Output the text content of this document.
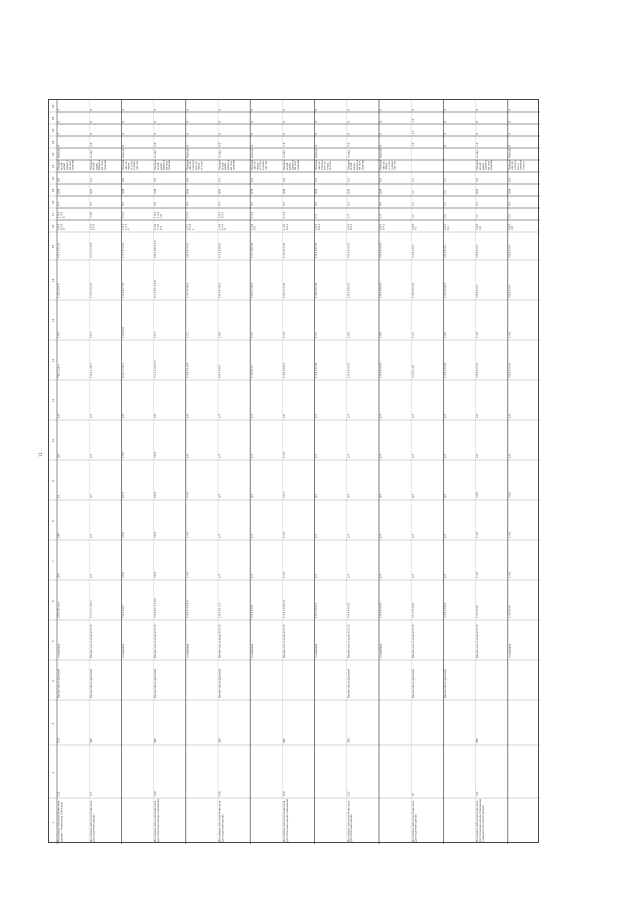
11
26
25
24
23
22
21
20
19
18
17
16
15
14
13
12
11
10
9
8
7
6
5
4
3
2
1 Маткимова Сейткали Ахметовна (далее — Ахметовна Сейткали)
111
ТОО
Бизнес-Центр Деловой
склад/офис
5250 29 кв.м
356
246
54
5/6
1/6
746 1 2/6 о
5 0 6
1 4 0 12 0 6
4 0 2 4 0 1 8
4 0 4 8 3 6 9
5 0 4 1 4 0 3
0 4
0,90
3/6
Юридич еский адрес Дирекц ии пом ещение
Аренда
0
0
0
0
Маткимова Сейткали Ахметовна Долгосрочная аренда
5/7
308
Бизнес-Центр Деловой
Бизнес-центр вход 45 0 11
2 1 5 1 5 4 0 2
1/4
1/4
4/7
1/4
1/4
1 2 6 4 4 0 7
5 0 1
1 7 2 7 0 4 4
4 1 2 1 5 0 0
1 5 5 0 1 9
3 4 0
0 3
0,63
1/4
Юридич еский адрес Дирекц ии пом ещение
Склад
4 0
0
0
0
склад/офис
7 0 3 4 0 3
3 6 8
3 6 8
8 5 2
1 8 8
1/6
8 4 0 3 4 8 1
1 1 9 6 8
1 6 4 8 7 4 0
1 7 3 8 4 4 0
1 0 1 1 6 7 4
2 3 4
0 4
0,80
4/6
Помеще ние на перво м этаж е адми нистра
Аренда
0
0
0
0
Маткимова Сейткали Ахметовна Долгосрочная аренда помещения
120
308
Бизнес-Центр Деловой
Бизнес-центр вход 45 0 11
3 0 8 8 5 3 4 0 2
3 0 8
3 0 8
8 0 8
3 0 8
1/8
7 4 4 4 4 2 0 2
1 0 1
8 1 4 0 5 4 8 0
6 0 4 0 8 4 4 8
6 4 0 2 4 8 0 4
1 8 4 1 4 0 4 0
4 0
3,00
1/8
Юридич еский адрес Дирекц ии пом ещение
Склад
1 0
0
0
0
склад/офис
5 4 0 2 4 3 8 0
1 4 4
1 4 4
4 4 4
1/6
1/6
5 4 0 1 1 6 4
1 3 1
1 3 5 0 4 8 4
3 0 1 9 4 4 1
1 0 1 9 4 4 1
5 4 1
0 4
0,84
1/6
Помеще ние ра сполож ено на перво м этаж
Аренда
0
0
0
0
Маткимова Сейткали Ахметовна Долгосрочная аренда
178
308
Бизнес-Центр Деловой
Бизнес-центр вход 45 0 11
1 0 4 0 1 4 1
1/4
1/4
5/4
1/4
1/4
8 9 4 6 8 4
1 9 6
5 8 4 6 4 8 4
6 4 1 8 9 6 0
2 4 0 6 4 4 0
2 8 4 0 4 1
0 4
0,94
1/4
Юридич еский адрес Дирекц ии пом ещение
Склад
8 0
0
0
0
склад/офис
4 2 6 2 0 8
1/4
1/4
4/4
1/4
1/4
1 4 0 8 4 1
1 4 1
1 6 0 4 4 0 4
1 4 5 0 0 4 8
1 4 0 0 8
1 4 4
0 4
0,70
1/4
Помеще ние на перво м этаж е адми нистра
Аренда
0
0
0
0
Маткимова Сейткали Ахметовна Долгосрочная аренда помещения
150
308
Бизнес-центр вход 45 0 11
1 4 0 1 6 6 0 0
1 4 6
1 4 6
4 6 4
1 4 6
1/6
1 4 0 8 0 0 4
1 4 0
1 6 0 6 4 4 0
1 4 0 0 4 4 0
1 4 0 6 6 4
1 4 4
0 4
0,60
1/6
Юридич еский адрес Дирекц ии пом ещение
Склад
1 6
0
0
0
склад/офис
1 8 5 4 0 2 1
1/4
1/4
4/4
1/4
1/4
1 4 0 4 0 4 0
1 4 1
1 4 0 0 0 4 0
1 0 4 0 0 4 8
1 0 4 0 0 4
1 4
0 4
0,64
1/4
Помеще ние ра сполож ено на второ м этаж
Аренда
0
0
0
0
Маткимова Сейткали Ахметовна Долгосрочная аренда
117
308
Бизнес-Центр Деловой
Бизнес-центр вход 45 0 11
4 0 4 4 0 4 0
1/4
1/4
4/4
1/4
1/4
1 0 4 0 4 4 0
1 6 0
1 0 4 0 0 4 8
4 0 4 0 4 4 0
4 0 4 0 4 1
1 4
0 4
0,64
1/4
Юридич еский адрес Дирекц ии пом ещение
Склад
4 0
0
0
0
склад/офис
1 0 4 0 4 4 0
1/4
1/4
4/4
1/4
1/4
1 0 4 0 4 4 0
1 6 0
1 0 4 0 0 4 8
4 0 4 0 4 4 0
4 0 4 0 4 1
1 4
0 4
0,64
1/4
Помеще ние на перво м этаж е адми нистра
Аренда
0
0
0
0
Маткимова Сейткали Ахметовна Долгосрочная аренда
72
Бизнес-Центр Деловой
Бизнес-центр вход 45 0 11
4 5 1 0 4 8 0
1/4
1/4
4/4
1/4
1/4
4 1 0 4 4 0
1 4 4
1 4 0 0 0 4 0
4 4 0 4 0 4
4 0 0 4 1
4 1
4 1
4 1
4 1
4 0
4 1
4 0
0
Бизнес-Центр Деловой
4 4 0 4 0 0 4
1/4
1/4
4/4
1/4
1/4
1 4 0 4 0 4 0
1 6 0
1 4 0 0 4 0 4
4 0 4 0 4 4
4 0 4 0 4
4 1
4 1
4 1
4 1
0
0
0
0
Маткимова Сейткали Ахметовна Долгосрочная аренда помещения в административном здании
141
308
Бизнес-центр вход 45 0 11
1 4 0 0 4 6
1 4 0
1 4 0
4 0 0
1/6
1/6
4 0 0 4 0 4 6
1 4 0
4 0 0 4 0 4
4 0 0 4 0 4
4 0 0 4 0
4 1
0 4
0,64
1/6
Юридич еский адрес Дирекц ии пом ещение
Склад
1 6
0
0
0
склад/офис
1 4 0 0 4 6
1 4 0
1 4 0
4 0 0
1/6
1/6
4 0 0 4 0 4 6
1 4 0
4 0 0 4 0 4
4 0 0 4 0 4
4 0 0 4 0
4 1
0 4
0,64
1/6
Помеще ние ра сполож ено в админи страти
Аренда
0
0
0
0
